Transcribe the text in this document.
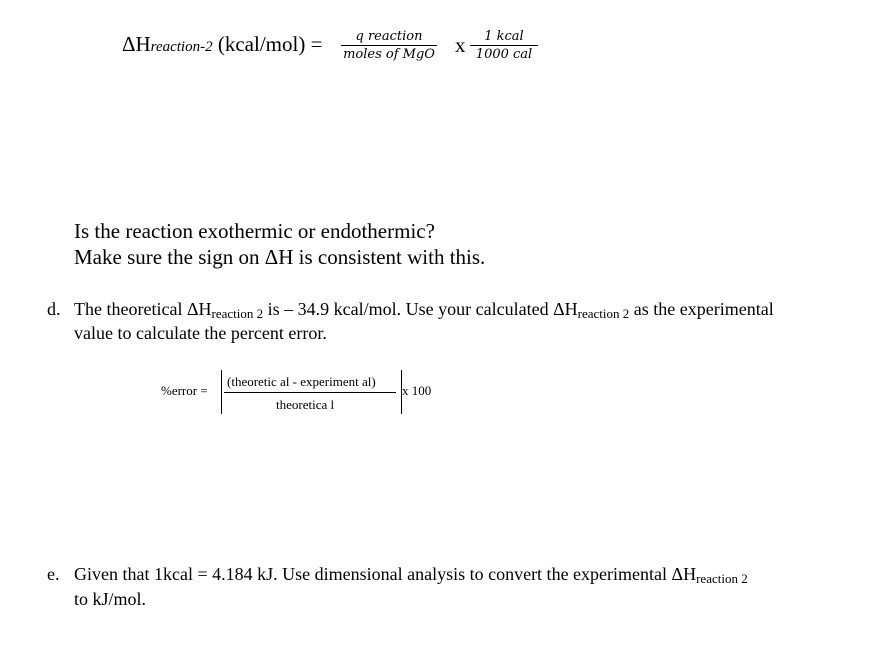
ΔHreaction-2 (kcal/mol) =	q reaction
moles of MgO x	1 kcal
1000 cal
Is the reaction exothermic or endothermic?
Make sure the sign on ΔH is consistent with this.
d. The theoretical $\Delta H_{reaction 2}$ is – 34.9 kcal/mol. Use your calculated $\Delta H_{reaction 2}$ as the experimental
value to calculate the percent error.
%error =
(theoretic al - experiment al)
theoretica l
x 100
e. Given that 1kcal = 4.184 kJ. Use dimensional analysis to convert the experimental $\Delta H_{reaction 2}$
to kJ/mol.
